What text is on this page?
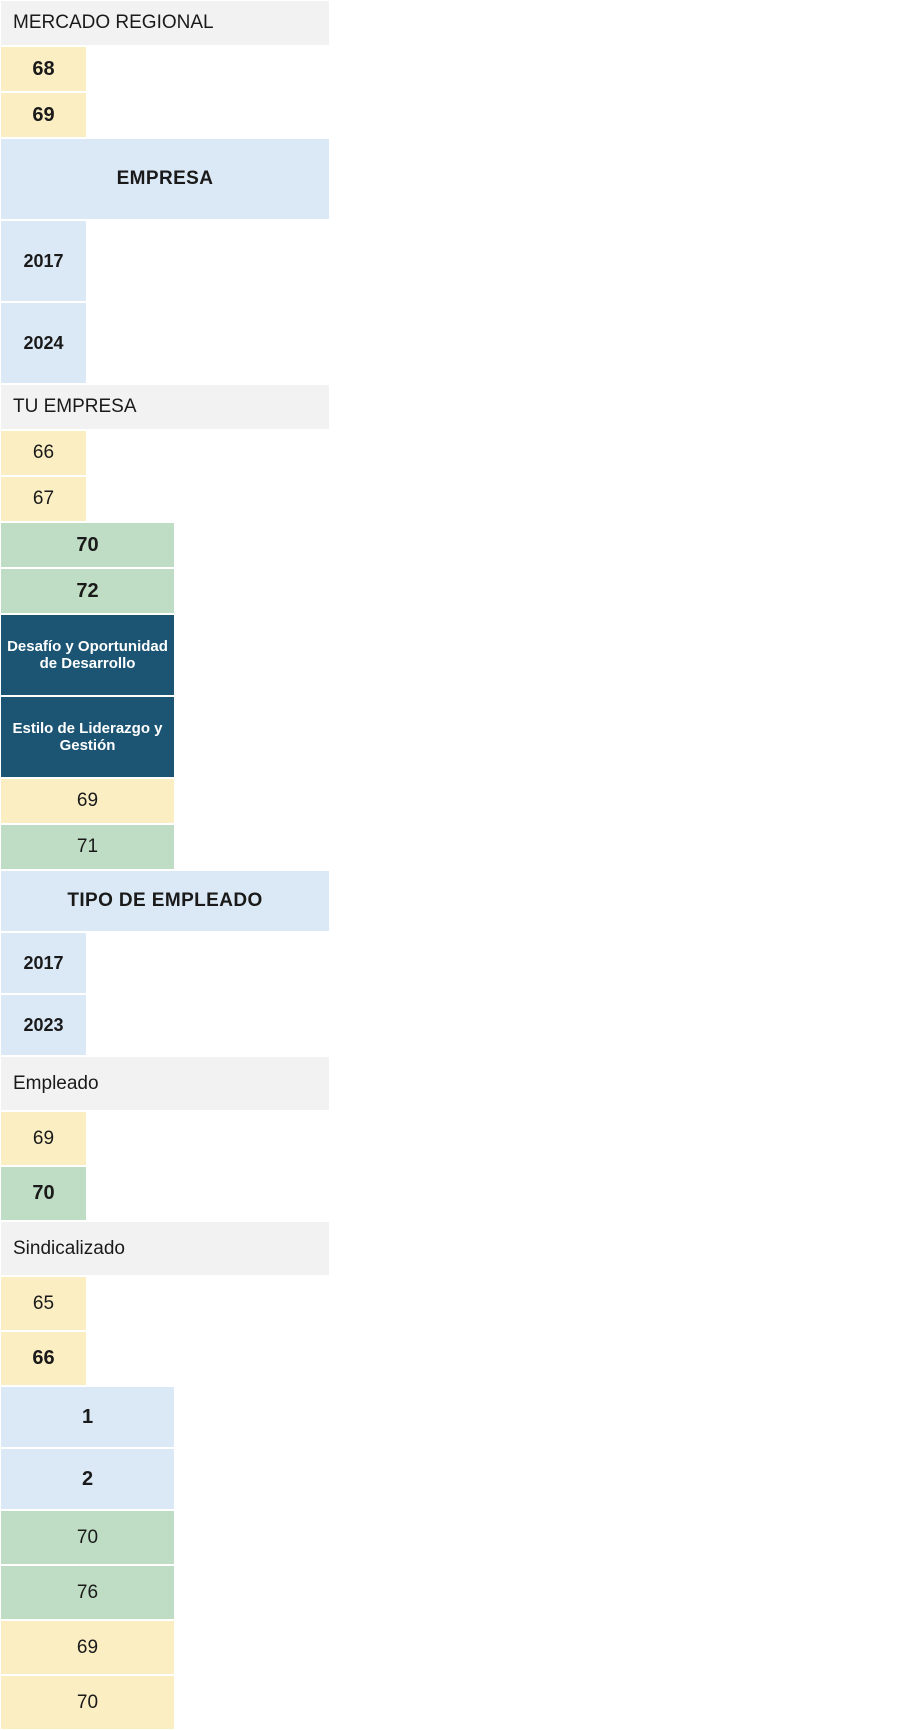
MERCADO REGIONAL
68
69
EMPRESA
2017
2024
TU EMPRESA
66
67
70
72
Desafío y Oportunidad de Desarrollo
Estilo de Liderazgo y Gestión
69
71
TIPO DE EMPLEADO
2017
2023
Empleado
69
70
Sindicalizado
65
66
1
2
70
76
69
70
